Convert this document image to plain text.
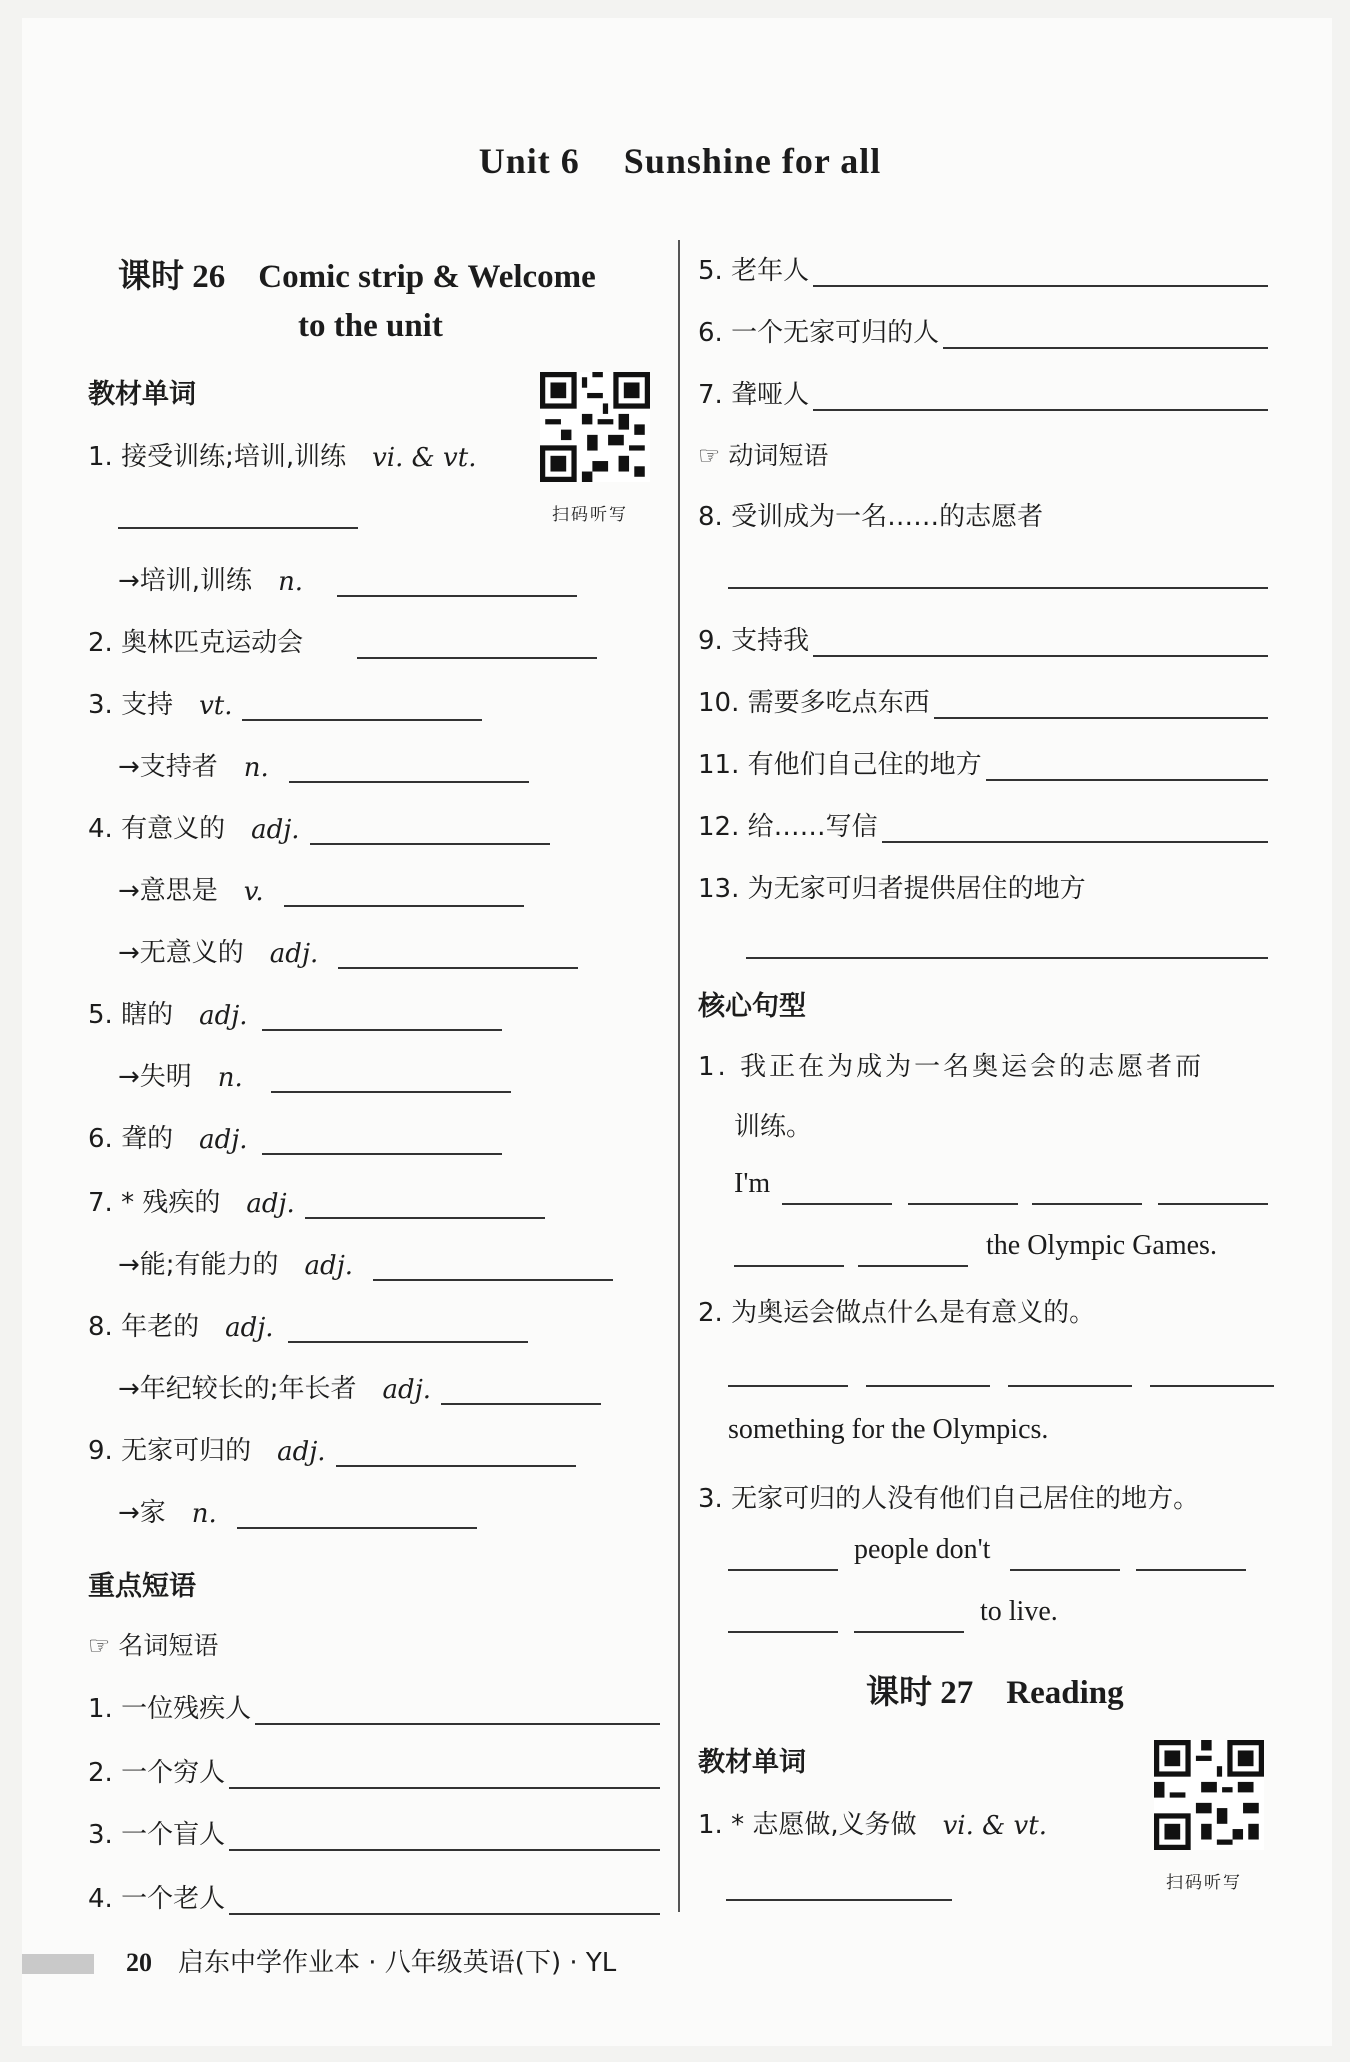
Unit 6 Sunshine for all
课时 26　Comic strip & Welcome
to the unit
教材单词
扫码听写
1. 接受训练;培训,训练 vi. & vt.
→培训,训练 n.
2. 奥林匹克运动会
3. 支持 vt.
→支持者 n.
4. 有意义的 adj.
→意思是 v.
→无意义的 adj.
5. 瞎的 adj.
→失明 n.
6. 聋的 adj.
7. * 残疾的 adj.
→能;有能力的 adj.
8. 年老的 adj.
→年纪较长的;年长者 adj.
9. 无家可归的 adj.
→家 n.
重点短语
☞ 名词短语
1. 一位残疾人
2. 一个穷人
3. 一个盲人
4. 一个老人
5. 老年人
6. 一个无家可归的人
7. 聋哑人
☞ 动词短语
8. 受训成为一名……的志愿者
9. 支持我
10. 需要多吃点东西
11. 有他们自己住的地方
12. 给……写信
13. 为无家可归者提供居住的地方
核心句型
1. 我正在为成为一名奥运会的志愿者而
训练。
I'm
the Olympic Games.
2. 为奥运会做点什么是有意义的。
something for the Olympics.
3. 无家可归的人没有他们自己居住的地方。
people don't
to live.
课时 27　Reading
教材单词
1. * 志愿做,义务做 vi. & vt.
扫码听写
20 启东中学作业本 · 八年级英语(下) · YL
